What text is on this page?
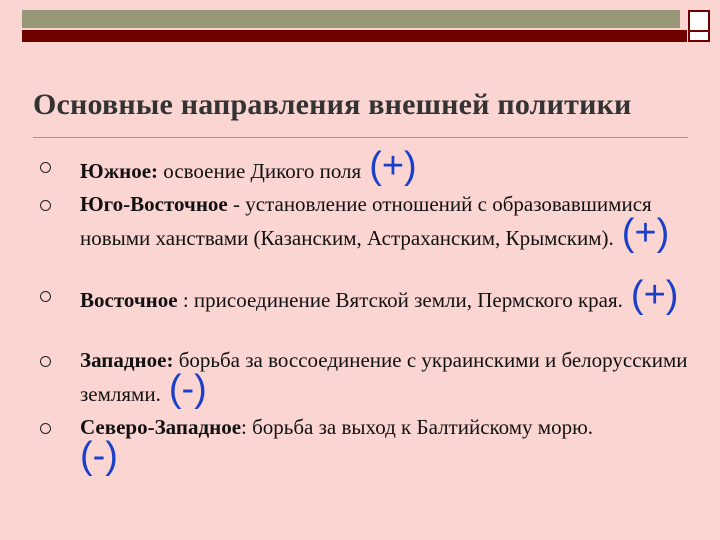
Основные направления внешней политики
Южное: освоение Дикого поля (+)
Юго-Восточное - установление отношений с образовавшимися новыми ханствами (Казанским, Астраханским, Крымским). (+)
Восточное : присоединение Вятской земли, Пермского края. (+)
Западное: борьба за воссоединение с украинскими и белорусскими землями. (-)
Северо-Западное: борьба за выход к Балтийскому морю.
(-)
